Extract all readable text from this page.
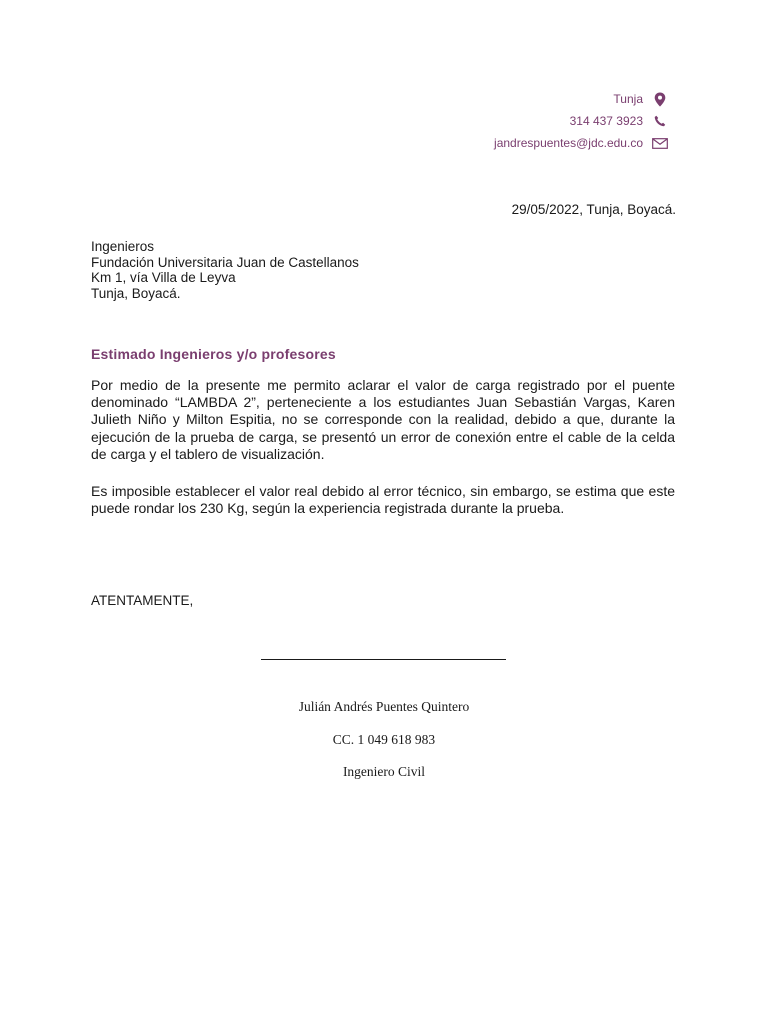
Tunja
314 437 3923
jandrespuentes@jdc.edu.co
29/05/2022, Tunja, Boyacá.
Ingenieros
Fundación Universitaria Juan de Castellanos
Km 1, vía Villa de Leyva
Tunja, Boyacá.
Estimado Ingenieros y/o profesores
Por medio de la presente me permito aclarar el valor de carga registrado por el puente denominado “LAMBDA 2”, perteneciente a los estudiantes Juan Sebastián Vargas, Karen Julieth Niño y Milton Espitia, no se corresponde con la realidad, debido a que, durante la ejecución de la prueba de carga, se presentó un error de conexión entre el cable de la celda de carga y el tablero de visualización.
Es imposible establecer el valor real debido al error técnico, sin embargo, se estima que este puede rondar los 230 Kg, según la experiencia registrada durante la prueba.
ATENTAMENTE,
Julián Andrés Puentes Quintero
CC. 1 049 618 983
Ingeniero Civil
